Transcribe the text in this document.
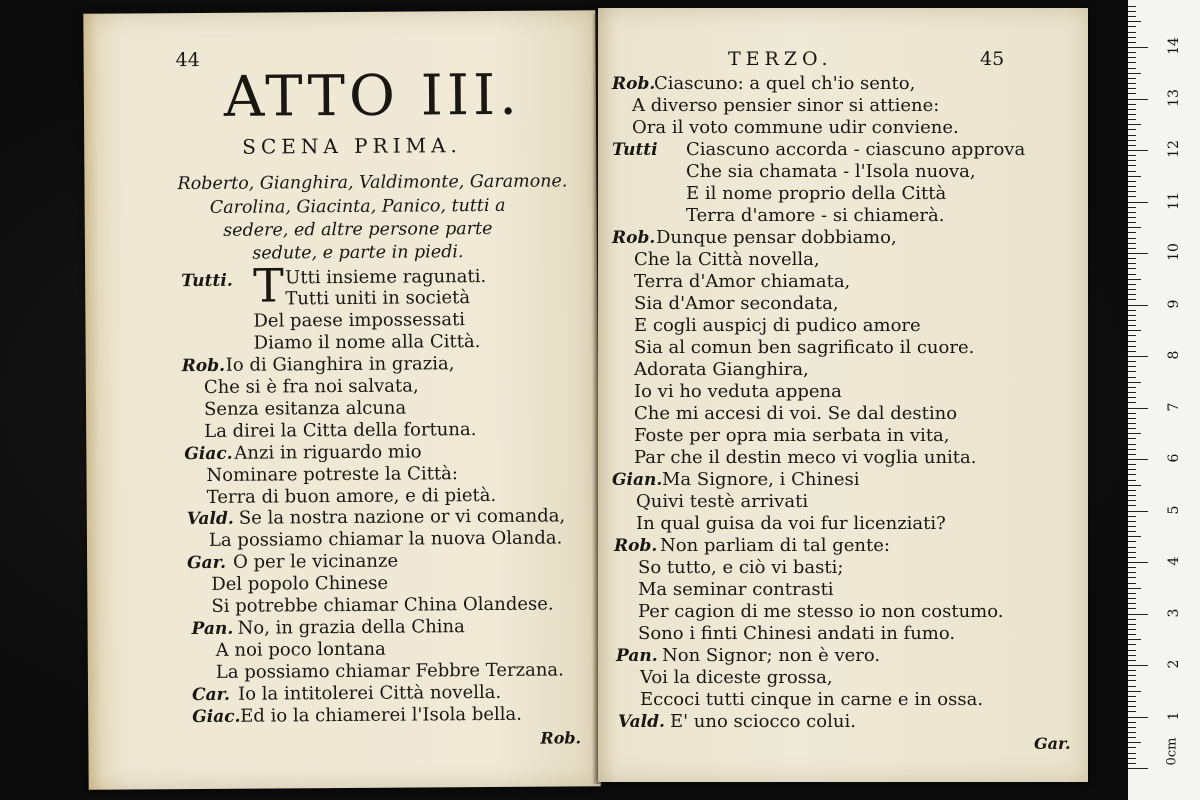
44
ATTO III.
SCENA PRIMA.
Roberto, Gianghira, Valdimonte, Garamone.
Carolina, Giacinta, Panico, tutti a
sedere, ed altre persone parte
sedute, e parte in piedi.
Tutti. T Utti insieme ragunati.
Tutti uniti in società
Del paese impossessati
Diamo il nome alla Città.
Rob. Io di Gianghira in grazia,
Che si è fra noi salvata,
Senza esitanza alcuna
La direi la Citta della fortuna.
Giac. Anzi in riguardo mio
Nominare potreste la Città:
Terra di buon amore, e di pietà.
Vald. Se la nostra nazione or vi comanda,
La possiamo chiamar la nuova Olanda.
Gar. O per le vicinanze
Del popolo Chinese
Si potrebbe chiamar China Olandese.
Pan. No, in grazia della China
A noi poco lontana
La possiamo chiamar Febbre Terzana.
Car. Io la intitolerei Città novella.
Giac. Ed io la chiamerei l'Isola bella.
Rob.
TERZO.	45
Rob.
Ciascuno: a quel ch'io sento,
A diverso pensier sinor si attiene:
Ora il voto commune udir conviene.
Tutti Ciascuno accorda - ciascuno approva
Che sia chamata - l'Isola nuova,
E il nome proprio della Città
Terra d'amore - si chiamerà.
Rob. Dunque pensar dobbiamo,
Che la Città novella,
Terra d'Amor chiamata,
Sia d'Amor secondata,
E cogli auspicj di pudico amore
Sia al comun ben sagrificato il cuore.
Adorata Gianghira,
Io vi ho veduta appena
Che mi accesi di voi. Se dal destino
Foste per opra mia serbata in vita,
Par che il destin meco vi voglia unita.
Gian. Ma Signore, i Chinesi
Quivi testè arrivati
In qual guisa da voi fur licenziati?
Rob. Non parliam di tal gente:
So tutto, e ciò vi basti;
Ma seminar contrasti
Per cagion di me stesso io non costumo.
Sono i finti Chinesi andati in fumo.
Pan. Non Signor; non è vero.
Voi la diceste grossa,
Eccoci tutti cinque in carne e in ossa.
Vald. E' uno sciocco colui.
Gar.	0cm
1
2
3
4
5
6
7
8
9
10
11
12
13
14
